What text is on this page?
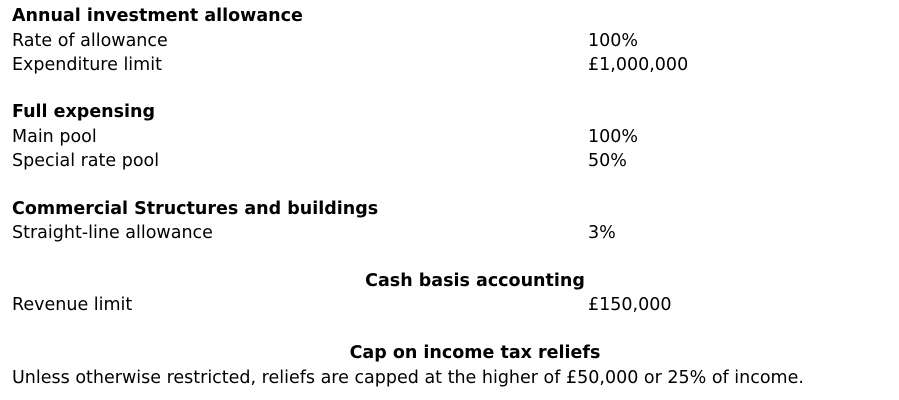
Annual investment allowance
Rate of allowance	100%
Expenditure limit	£1,000,000
Full expensing
Main pool	100%
Special rate pool	50%
Commercial Structures and buildings
Straight-line allowance	3%
Cash basis accounting
Revenue limit	£150,000
Cap on income tax reliefs
Unless otherwise restricted, reliefs are capped at the higher of £50,000 or 25% of income.
